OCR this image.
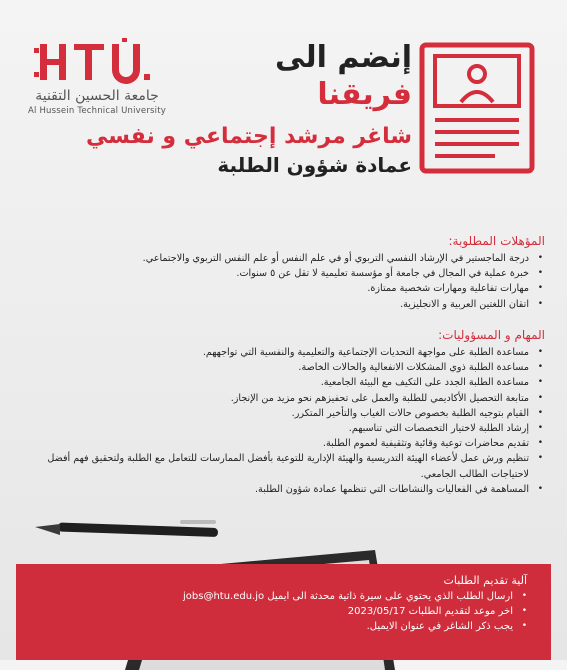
جامعة الحسين التقنية
Al Hussein Technical University
إنضم الى
فريقنا
شاغر مرشد إجتماعي و نفسي
عمادة شؤون الطلبة
المؤهلات المطلوبة:
•
درجة الماجستير في الإرشاد النفسي التربوي أو في علم النفس أو علم النفس التربوي والاجتماعي.
•
خبرة عملية في المجال في جامعة أو مؤسسة تعليمية لا تقل عن ٥ سنوات.
•
مهارات تفاعلية ومهارات شخصية ممتازة.
•
اتقان اللغتين العربية و الانجليزية.
المهام و المسؤوليات:
•
مساعدة الطلبة على مواجهة التحديات الإجتماعية والتعليمية والنفسية التي تواجههم.
•
مساعدة الطلبة ذوي المشكلات الانفعالية والحالات الخاصة.
•
مساعدة الطلبة الجدد على التكيف مع البيئة الجامعية.
•
متابعة التحصيل الأكاديمي للطلبة والعمل على تحفيزهم نحو مزيد من الإنجاز.
•
القيام بتوجيه الطلبة بخصوص حالات الغياب والتأخير المتكرر.
•
إرشاد الطلبة لاختيار التخصصات التي تناسبهم.
•
تقديم محاضرات توعية وقائية وتثقيفية لعموم الطلبة.
•
تنظيم ورش عمل لأعضاء الهيئة التدريسية والهيئة الإدارية للتوعية بأفضل الممارسات للتعامل مع الطلبة ولتحقيق فهم أفضل لاحتياجات الطالب الجامعي.
•
المساهمة في الفعاليات والنشاطات التي تنظمها عمادة شؤون الطلبة.
آلية تقديم الطلبات
•
ارسال الطلب الذي يحتوي على سيرة ذاتية محدثة الى ايميل jobs@htu.edu.jo
•
اخر موعد لتقديم الطلبات 2023/05/17
•
يجب ذكر الشاغر في عنوان الايميل.
